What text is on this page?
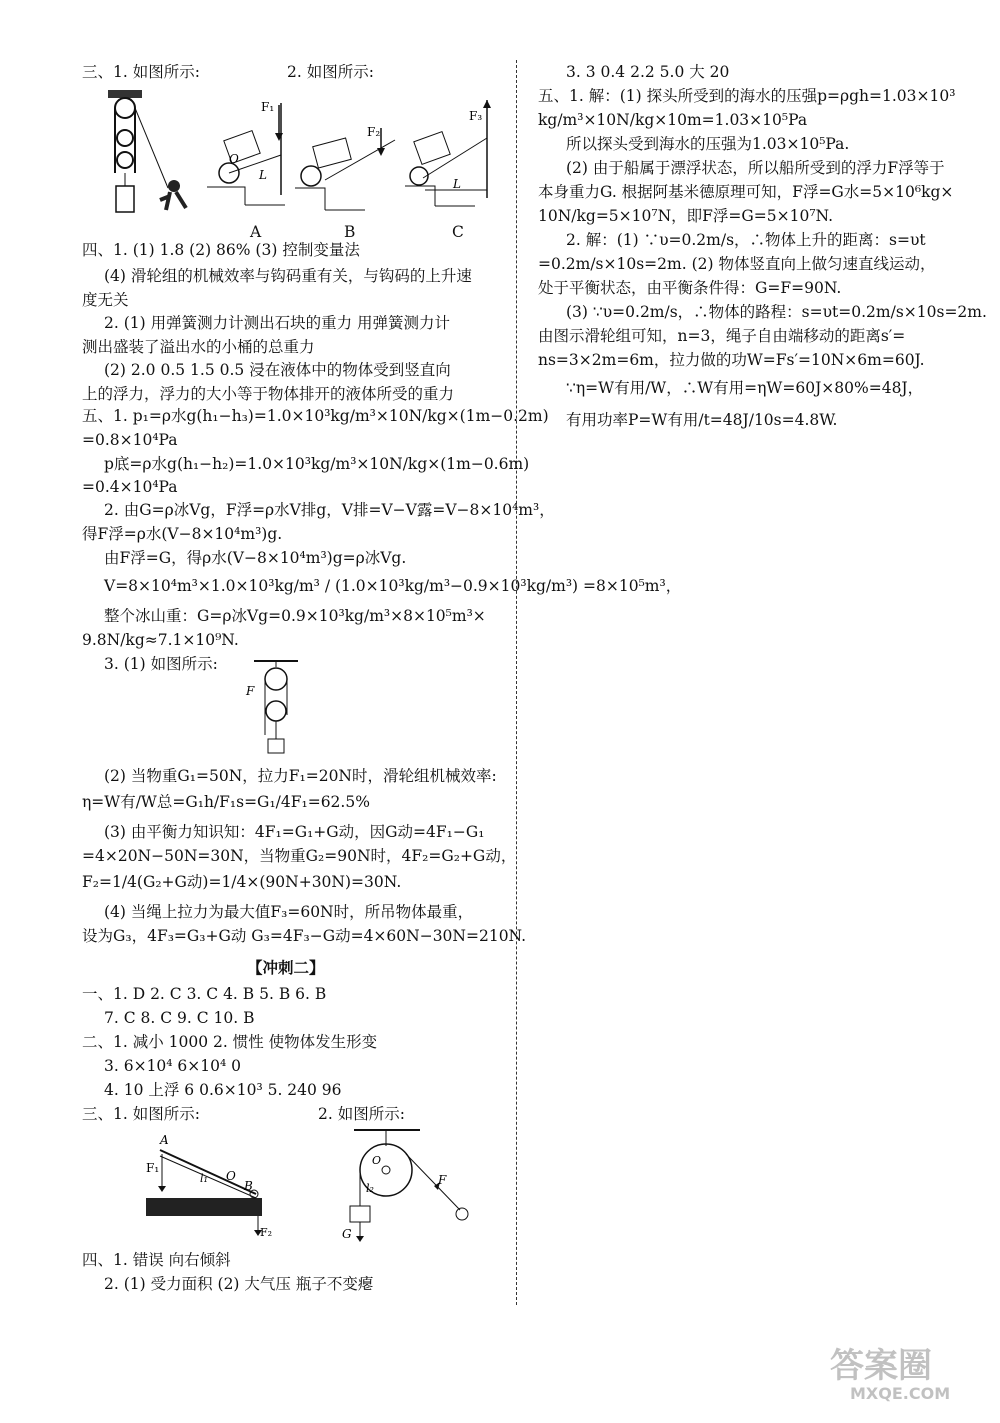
三、1. 如图所示:	2. 如图所示:
A	B	C
四、1. (1) 1.8 (2) 86% (3) 控制变量法
(4) 滑轮组的机械效率与钩码重有关，与钩码的上升速
度无关
2. (1) 用弹簧测力计测出石块的重力 用弹簧测力计
测出盛装了溢出水的小桶的总重力
(2) 2.0 0.5 1.5 0.5 浸在液体中的物体受到竖直向
上的浮力，浮力的大小等于物体排开的液体所受的重力
五、1. p₁=ρ水g(h₁−h₃)=1.0×10³kg/m³×10N/kg×(1m−0.2m)
=0.8×10⁴Pa
p底=ρ水g(h₁−h₂)=1.0×10³kg/m³×10N/kg×(1m−0.6m)
=0.4×10⁴Pa
2. 由G=ρ冰Vg，F浮=ρ水V排g，V排=V−V露=V−8×10⁴m³，
得F浮=ρ水(V−8×10⁴m³)g.
由F浮=G，得ρ水(V−8×10⁴m³)g=ρ冰Vg.
V=8×10⁴m³×1.0×10³kg/m³ / (1.0×10³kg/m³−0.9×10³kg/m³) =8×10⁵m³，
整个冰山重：G=ρ冰Vg=0.9×10³kg/m³×8×10⁵m³×
9.8N/kg≈7.1×10⁹N.
3. (1) 如图所示:
(2) 当物重G₁=50N，拉力F₁=20N时，滑轮组机械效率:
η=W有/W总=G₁h/F₁s=G₁/4F₁=62.5%
(3) 由平衡力知识知：4F₁=G₁+G动，因G动=4F₁−G₁
=4×20N−50N=30N，当物重G₂=90N时，4F₂=G₂+G动，
F₂=1/4(G₂+G动)=1/4×(90N+30N)=30N.
(4) 当绳上拉力为最大值F₃=60N时，所吊物体最重，
设为G₃，4F₃=G₃+G动 G₃=4F₃−G动=4×60N−30N=210N.
【冲刺二】
一、1. D 2. C 3. C 4. B 5. B 6. B
7. C 8. C 9. C 10. B
二、1. 减小 1000 2. 惯性 使物体发生形变
3. 6×10⁴ 6×10⁴ 0
4. 10 上浮 6 0.6×10³ 5. 240 96
三、1. 如图所示:	2. 如图所示:
四、1. 错误 向右倾斜
2. (1) 受力面积 (2) 大气压 瓶子不变瘪
3. 3 0.4 2.2 5.0 大 20
五、1. 解：(1) 探头所受到的海水的压强p=ρgh=1.03×10³
kg/m³×10N/kg×10m=1.03×10⁵Pa
所以探头受到海水的压强为1.03×10⁵Pa.
(2) 由于船属于漂浮状态，所以船所受到的浮力F浮等于
本身重力G. 根据阿基米德原理可知，F浮=G水=5×10⁶kg×
10N/kg=5×10⁷N，即F浮=G=5×10⁷N.
2. 解：(1) ∵υ=0.2m/s，∴物体上升的距离：s=υt
=0.2m/s×10s=2m. (2) 物体竖直向上做匀速直线运动，
处于平衡状态，由平衡条件得：G=F=90N.
(3) ∵υ=0.2m/s，∴物体的路程：s=υt=0.2m/s×10s=2m.
由图示滑轮组可知，n=3，绳子自由端移动的距离s′=
ns=3×2m=6m，拉力做的功W=Fs′=10N×6m=60J.
∵η=W有用/W，∴W有用=ηW=60J×80%=48J，
有用功率P=W有用/t=48J/10s=4.8W.
F₁
O
L
F₂
F₃
L
F
A
F₁
O
B
l₁
F₂	G
F
l₂
O
答案圈
MXQE.COM
